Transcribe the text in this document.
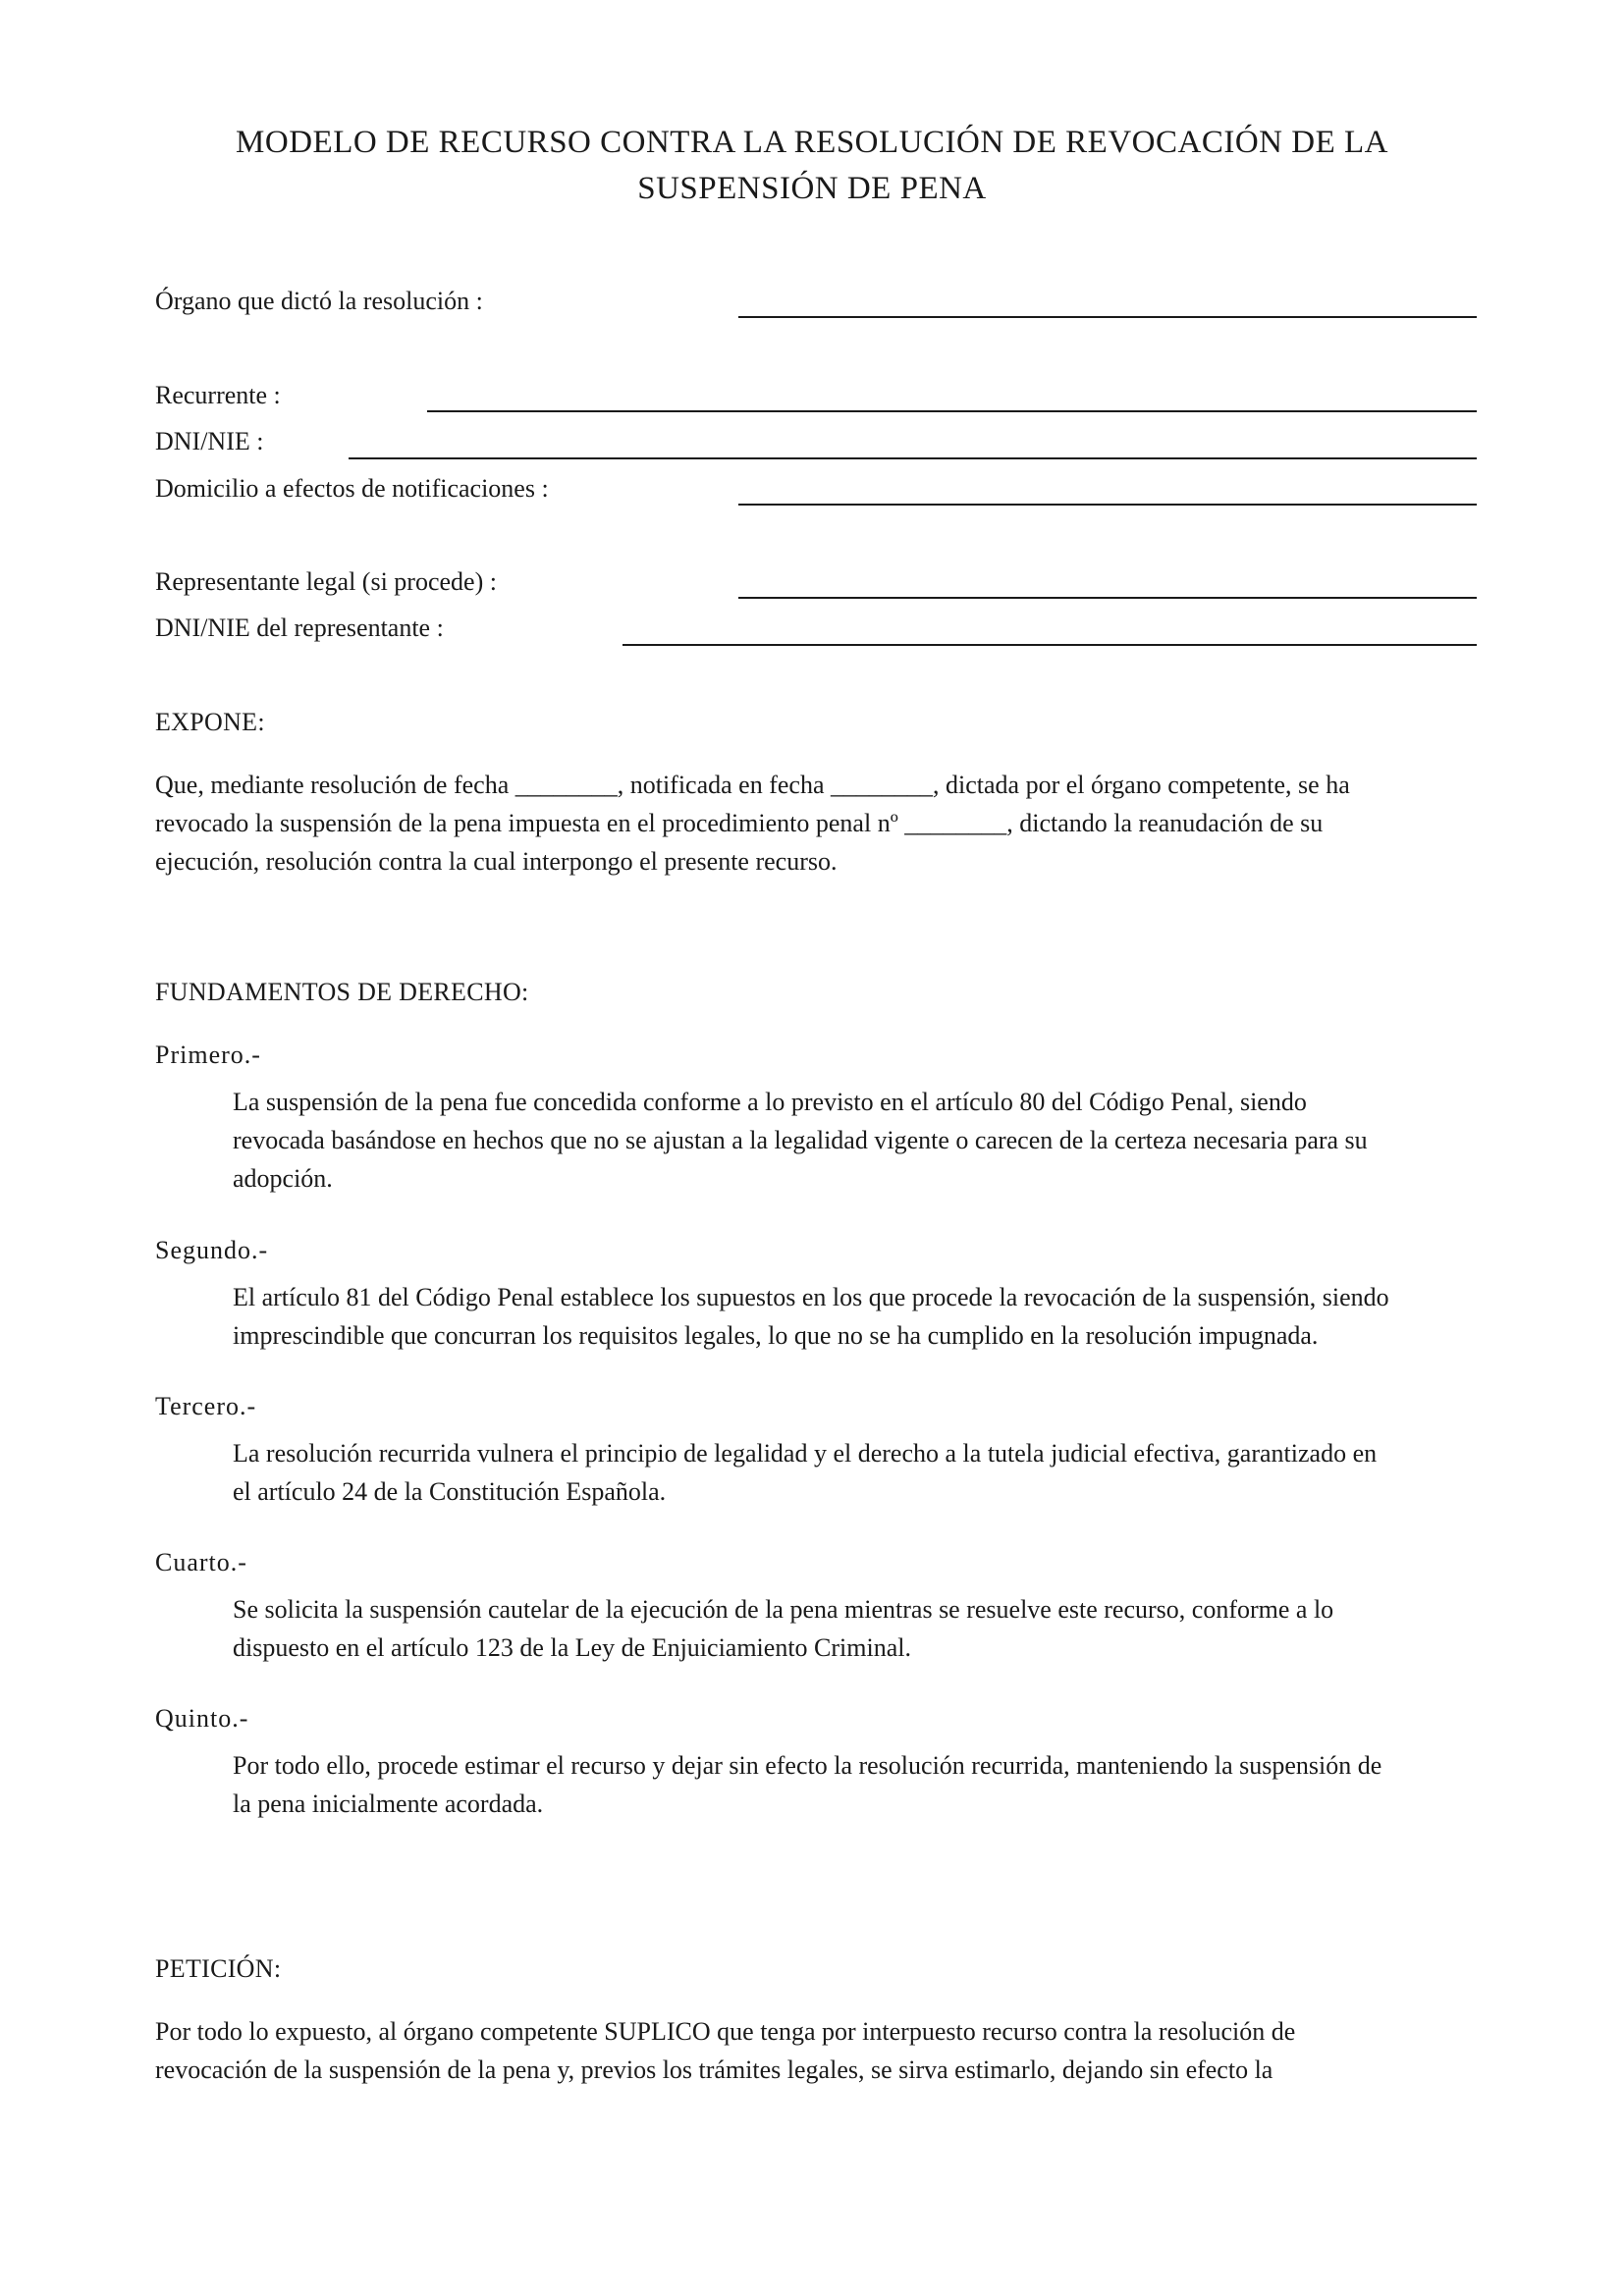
MODELO DE RECURSO CONTRA LA RESOLUCIÓN DE REVOCACIÓN DE LA
SUSPENSIÓN DE PENA
Órgano que dictó la resolución :
Recurrente :
DNI/NIE :
Domicilio a efectos de notificaciones :
Representante legal (si procede) :
DNI/NIE del representante :
EXPONE:
Que, mediante resolución de fecha ________, notificada en fecha ________, dictada por el órgano competente, se ha
revocado la suspensión de la pena impuesta en el procedimiento penal nº ________, dictando la reanudación de su
ejecución, resolución contra la cual interpongo el presente recurso.
FUNDAMENTOS DE DERECHO:
Primero.-
La suspensión de la pena fue concedida conforme a lo previsto en el artículo 80 del Código Penal, siendo
revocada basándose en hechos que no se ajustan a la legalidad vigente o carecen de la certeza necesaria para su
adopción.
Segundo.-
El artículo 81 del Código Penal establece los supuestos en los que procede la revocación de la suspensión, siendo
imprescindible que concurran los requisitos legales, lo que no se ha cumplido en la resolución impugnada.
Tercero.-
La resolución recurrida vulnera el principio de legalidad y el derecho a la tutela judicial efectiva, garantizado en
el artículo 24 de la Constitución Española.
Cuarto.-
Se solicita la suspensión cautelar de la ejecución de la pena mientras se resuelve este recurso, conforme a lo
dispuesto en el artículo 123 de la Ley de Enjuiciamiento Criminal.
Quinto.-
Por todo ello, procede estimar el recurso y dejar sin efecto la resolución recurrida, manteniendo la suspensión de
la pena inicialmente acordada.
PETICIÓN:
Por todo lo expuesto, al órgano competente SUPLICO que tenga por interpuesto recurso contra la resolución de
revocación de la suspensión de la pena y, previos los trámites legales, se sirva estimarlo, dejando sin efecto la
